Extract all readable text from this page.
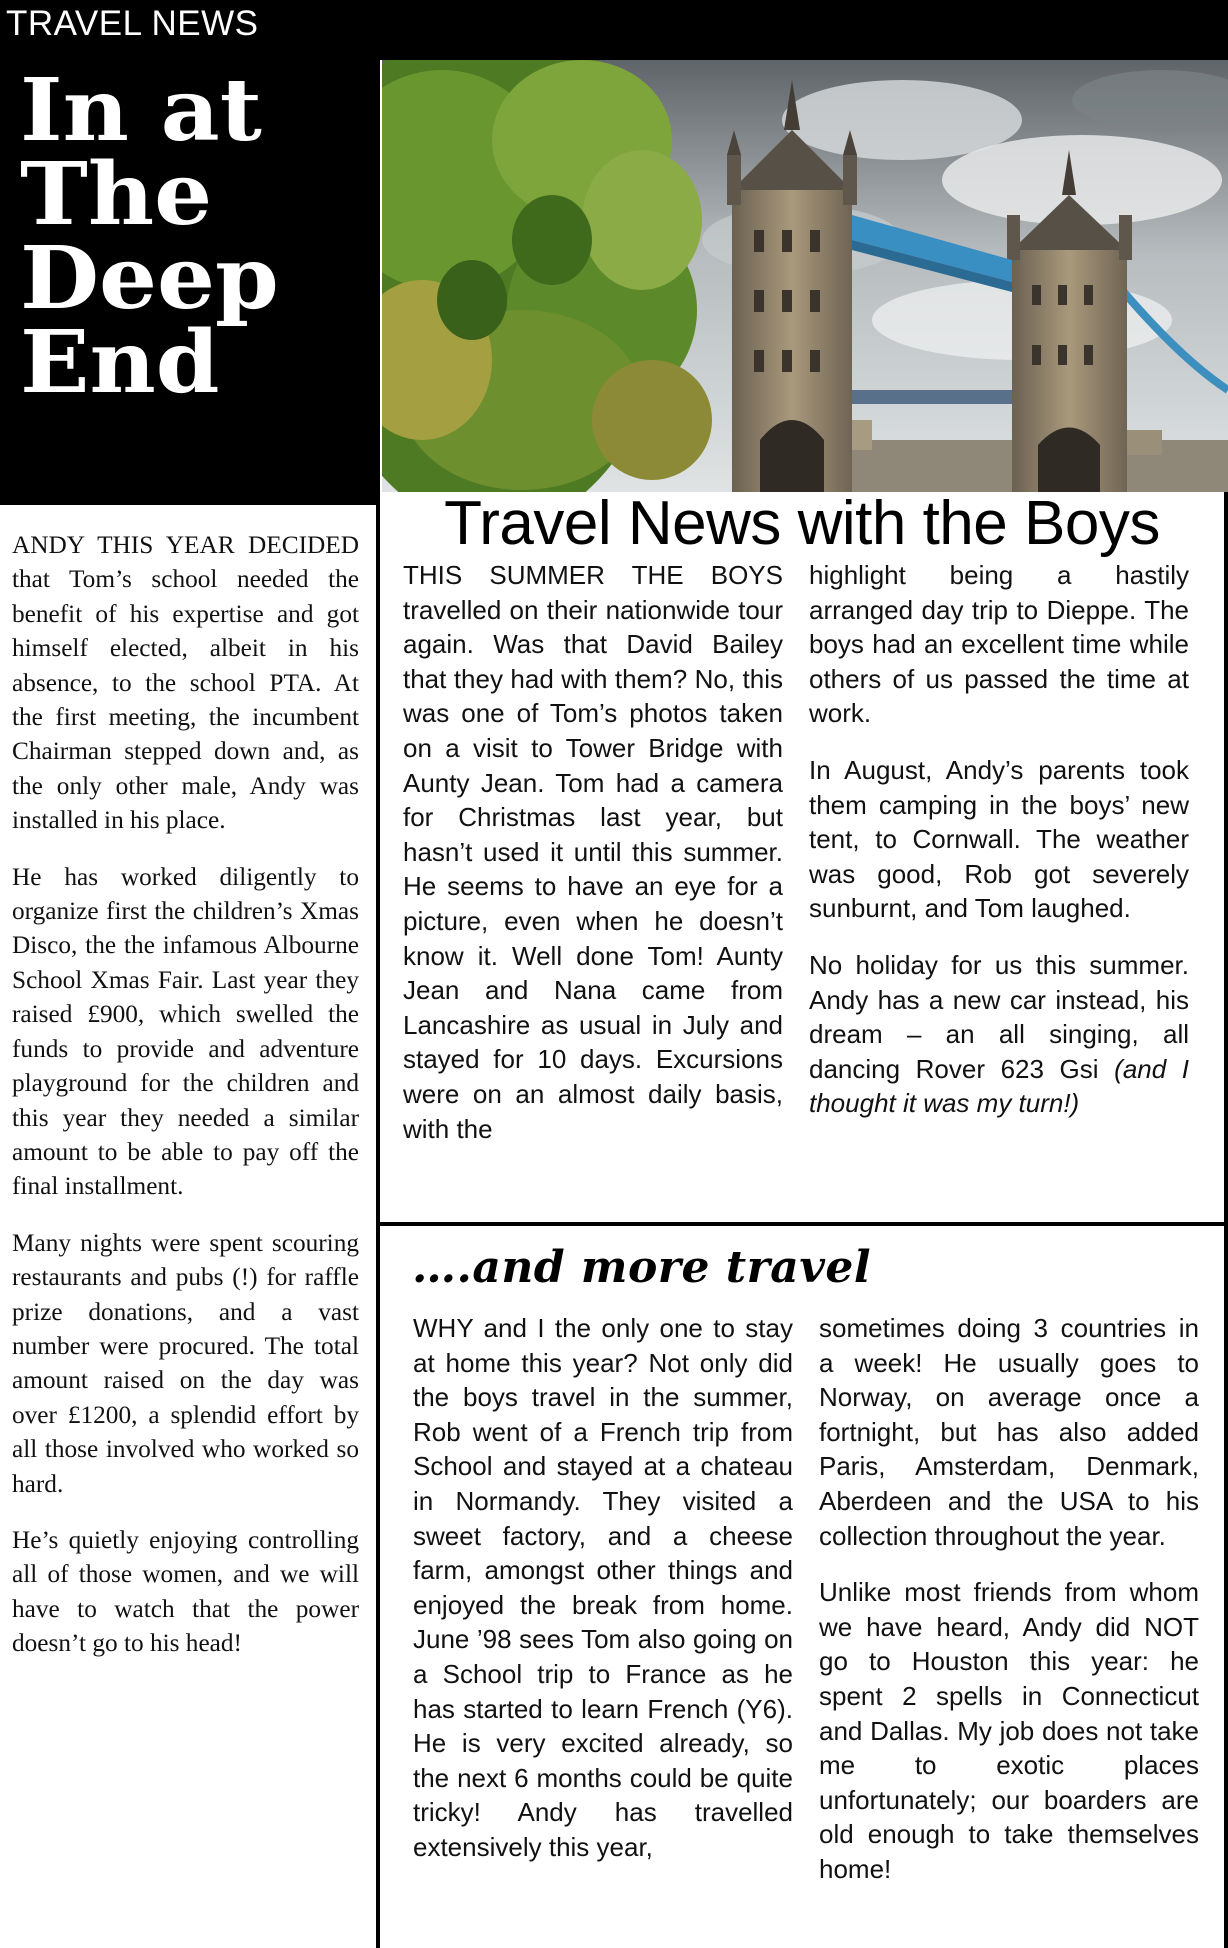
TRAVEL NEWS
In at
The
Deep
End

ANDY THIS YEAR DECIDED that Tom’s school needed the benefit of his expertise and got himself elected, albeit in his absence, to the school PTA. At the first meeting, the incumbent Chairman stepped down and, as the only other male, Andy was installed in his place.

He has worked diligently to organize first the children’s Xmas Disco, the the infamous Albourne School Xmas Fair. Last year they raised £900, which swelled the funds to provide and adventure playground for the children and this year they needed a similar amount to be able to pay off the final installment.

Many nights were spent scouring restaurants and pubs (!) for raffle prize donations, and a vast number were procured. The total amount raised on the day was over £1200, a splendid effort by all those involved who worked so hard.

He’s quietly enjoying controlling all of those women, and we will have to watch that the power doesn’t go to his head!

Travel News with the Boys

THIS SUMMER THE BOYS travelled on their nationwide tour again. Was that David Bailey that they had with them? No, this was one of Tom’s photos taken on a visit to Tower Bridge with Aunty Jean. Tom had a camera for Christmas last year, but hasn’t used it until this summer. He seems to have an eye for a picture, even when he doesn’t know it. Well done Tom! Aunty Jean and Nana came from Lancashire as usual in July and stayed for 10 days. Excursions were on an almost daily basis, with the

highlight being a hastily arranged day trip to Dieppe. The boys had an excellent time while others of us passed the time at work.

In August, Andy’s parents took them camping in the boys’ new tent, to Cornwall. The weather was good, Rob got severely sunburnt, and Tom laughed.

No holiday for us this summer. Andy has a new car instead, his dream – an all singing, all dancing Rover 623 Gsi (and I thought it was my turn!)

….and more travel

WHY and I the only one to stay at home this year? Not only did the boys travel in the summer, Rob went of a French trip from School and stayed at a chateau in Normandy. They visited a sweet factory, and a cheese farm, amongst other things and enjoyed the break from home. June ’98 sees Tom also going on a School trip to France as he has started to learn French (Y6). He is very excited already, so the next 6 months could be quite tricky! Andy has travelled extensively this year,

sometimes doing 3 countries in a week! He usually goes to Norway, on average once a fortnight, but has also added Paris, Amsterdam, Denmark, Aberdeen and the USA to his collection throughout the year.

Unlike most friends from whom we have heard, Andy did NOT go to Houston this year: he spent 2 spells in Connecticut and Dallas. My job does not take me to exotic places unfortunately; our boarders are old enough to take themselves home!
